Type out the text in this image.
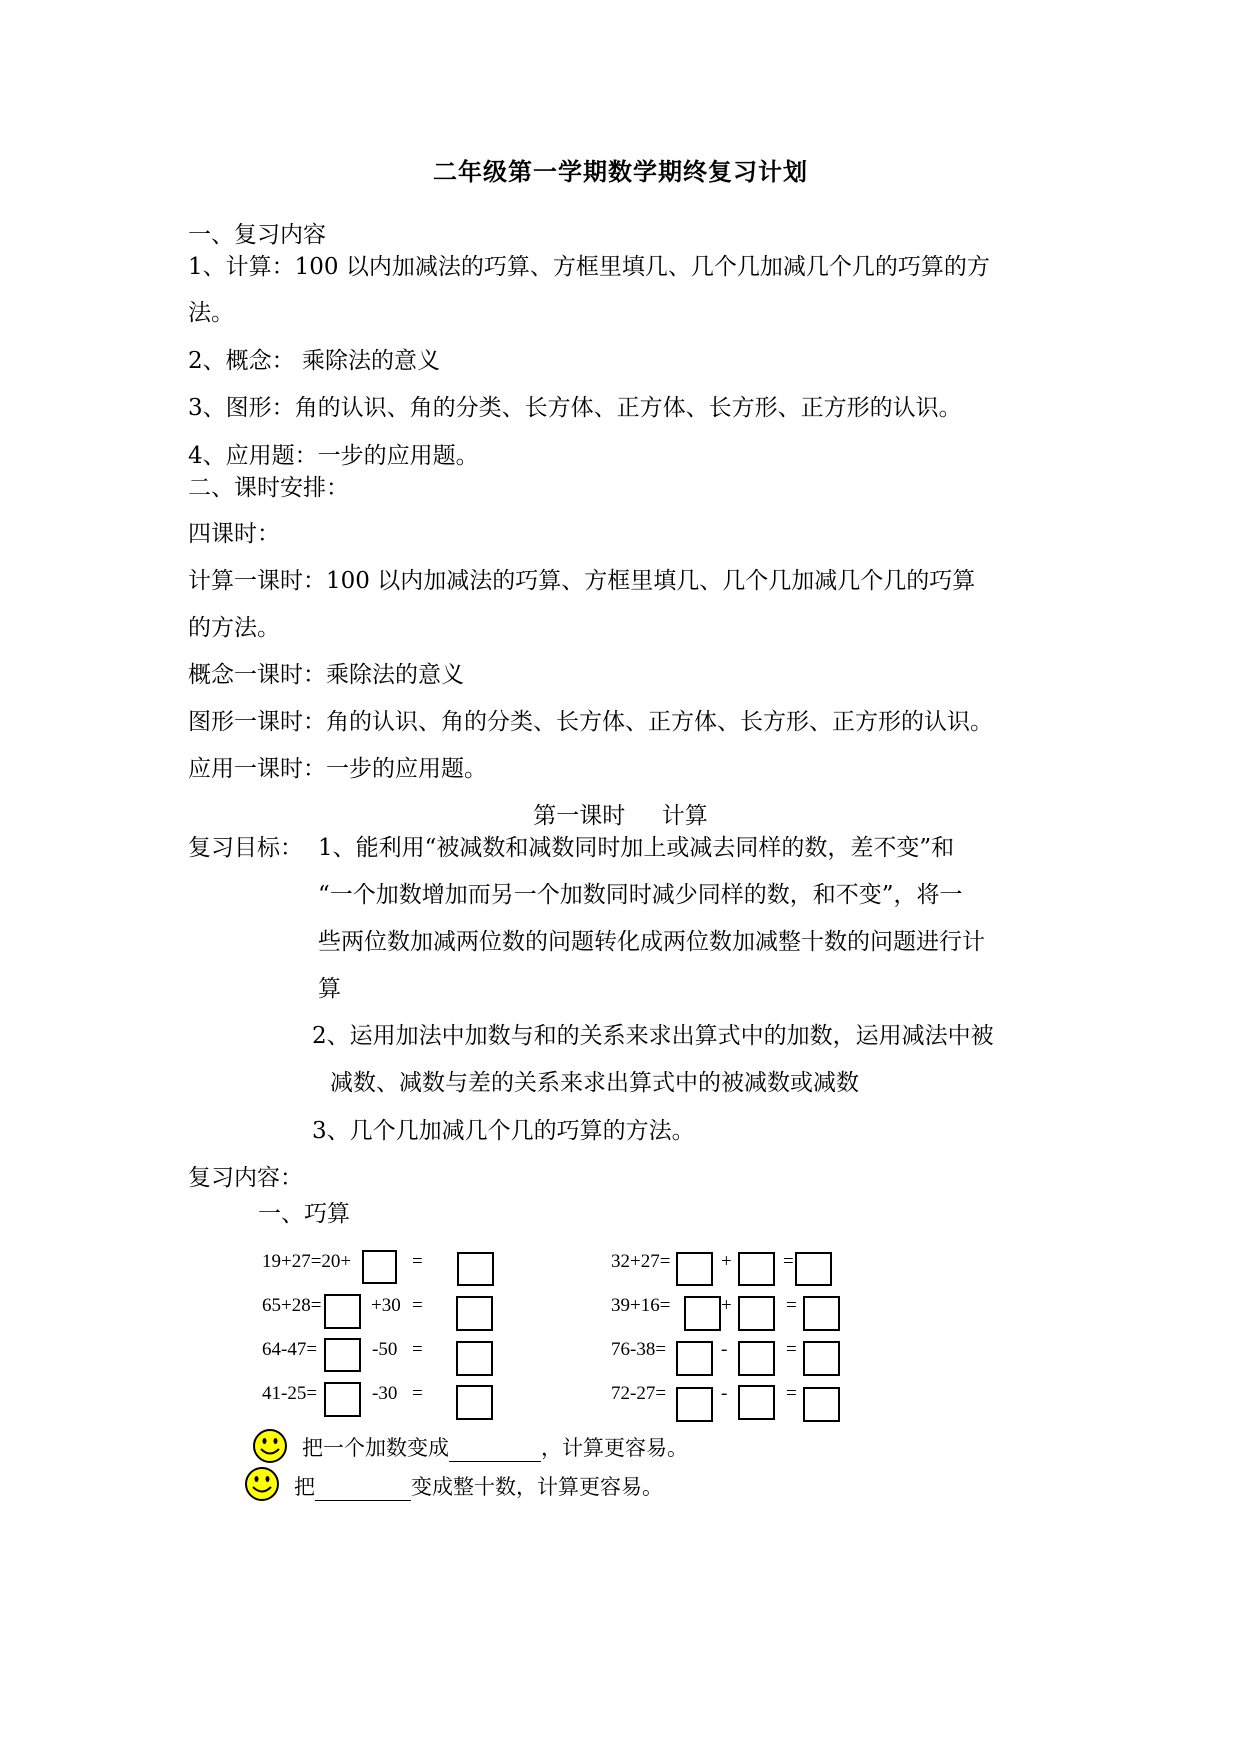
二年级第一学期数学期终复习计划
一、复习内容
1、计算：100 以内加减法的巧算、方框里填几、几个几加减几个几的巧算的方
法。
2、概念： 乘除法的意义
3、图形：角的认识、角的分类、长方体、正方体、长方形、正方形的认识。
4、应用题：一步的应用题。
二、课时安排：
四课时：
计算一课时：100 以内加减法的巧算、方框里填几、几个几加减几个几的巧算
的方法。
概念一课时：乘除法的意义
图形一课时：角的认识、角的分类、长方体、正方体、长方形、正方形的认识。
应用一课时：一步的应用题。
第一课时     计算
复习目标： 1、能利用“被减数和减数同时加上或减去同样的数，差不变”和
“一个加数增加而另一个加数同时减少同样的数，和不变”，将一
些两位数加减两位数的问题转化成两位数加减整十数的问题进行计
算
2、运用加法中加数与和的关系来求出算式中的加数，运用减法中被
减数、减数与差的关系来求出算式中的被减数或减数
3、几个几加减几个几的巧算的方法。
复习内容：
一、巧算
19+27=20+	=
65+28=	+30 =
64-47=	-50 =
41-25=	-30 =
32+27=	+	=
39+16=	+	=
76-38=	-	=
72-27=	-	=
把一个加数变成	，计算更容易。
把	变成整十数，计算更容易。
